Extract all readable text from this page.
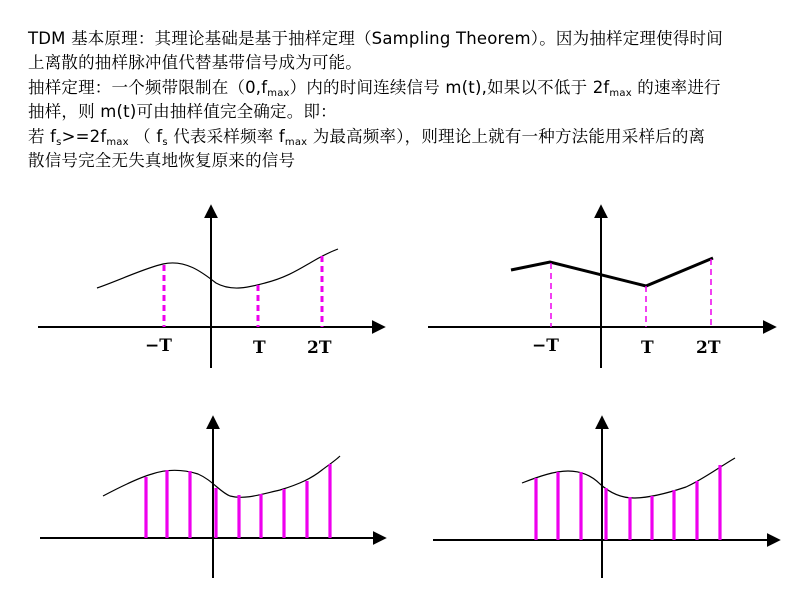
TDM 基本原理：其理论基础是基于抽样定理（Sampling Theorem）。因为抽样定理使得时间
上离散的抽样脉冲值代替基带信号成为可能。
抽样定理：一个频带限制在$(0,f_{max})$内的时间连续信号 m(t),如果以不低于 $2f_{max}$ 的速率进行
抽样，则 m(t)可由抽样值完全确定。即：
若 $f_s>=2f_{max}$ （ $f_s$ 代表采样频率 $f_{max}$ 为最高频率），则理论上就有一种方法能用采样后的离
散信号完全无失真地恢复原来的信号
−T	T 2T	−T	T 2T
